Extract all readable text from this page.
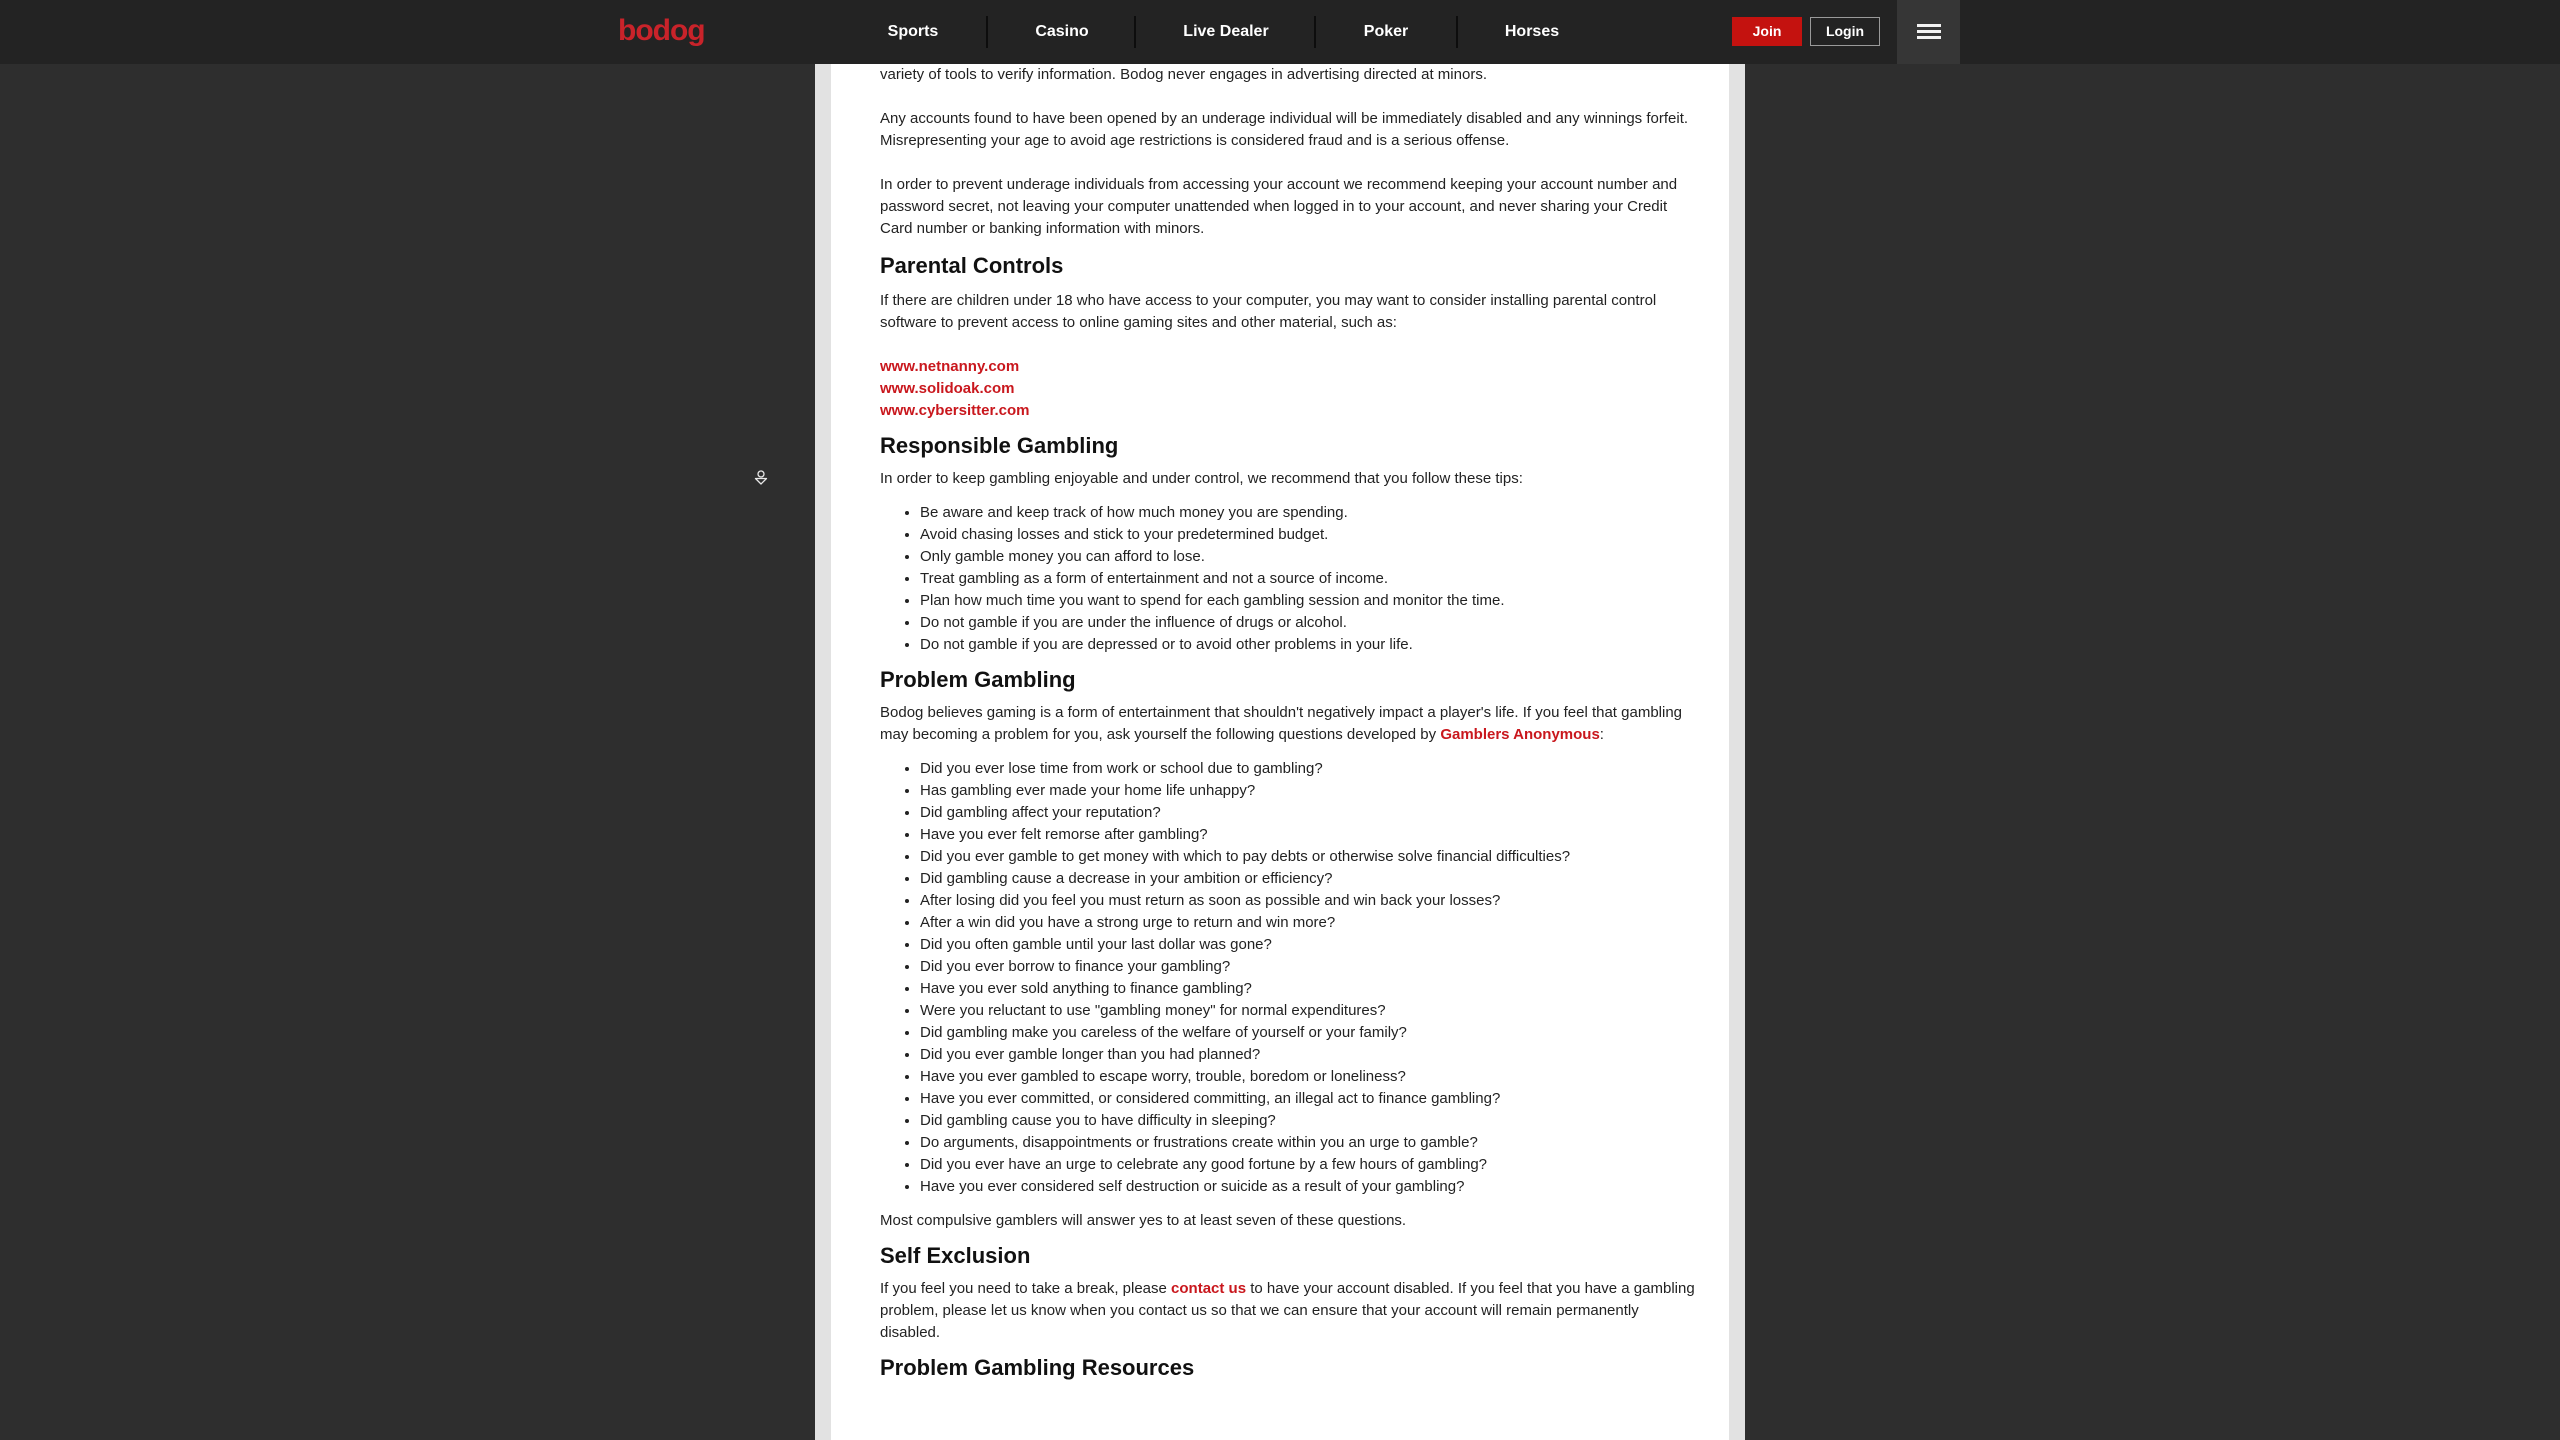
bodog	Sports	Casino	Live Dealer	Poker	Horses	Join	Login

variety of tools to verify information. Bodog never engages in advertising directed at minors.

Any accounts found to have been opened by an underage individual will be immediately disabled and any winnings forfeit. Misrepresenting your age to avoid age restrictions is considered fraud and is a serious offense.

In order to prevent underage individuals from accessing your account we recommend keeping your account number and password secret, not leaving your computer unattended when logged in to your account, and never sharing your Credit Card number or banking information with minors.

Parental Controls

If there are children under 18 who have access to your computer, you may want to consider installing parental control software to prevent access to online gaming sites and other material, such as:

www.netnanny.com
www.solidoak.com
www.cybersitter.com
Responsible Gambling

In order to keep gambling enjoyable and under control, we recommend that you follow these tips:

• Be aware and keep track of how much money you are spending.
• Avoid chasing losses and stick to your predetermined budget.
• Only gamble money you can afford to lose.
• Treat gambling as a form of entertainment and not a source of income.
• Plan how much time you want to spend for each gambling session and monitor the time.
• Do not gamble if you are under the influence of drugs or alcohol.
• Do not gamble if you are depressed or to avoid other problems in your life.
Problem Gambling

Bodog believes gaming is a form of entertainment that shouldn't negatively impact a player's life. If you feel that gambling may becoming a problem for you, ask yourself the following questions developed by Gamblers Anonymous:

• Did you ever lose time from work or school due to gambling?
• Has gambling ever made your home life unhappy?
• Did gambling affect your reputation?
• Have you ever felt remorse after gambling?
• Did you ever gamble to get money with which to pay debts or otherwise solve financial difficulties?
• Did gambling cause a decrease in your ambition or efficiency?
• After losing did you feel you must return as soon as possible and win back your losses?
• After a win did you have a strong urge to return and win more?
• Did you often gamble until your last dollar was gone?
• Did you ever borrow to finance your gambling?
• Have you ever sold anything to finance gambling?
• Were you reluctant to use "gambling money" for normal expenditures?
• Did gambling make you careless of the welfare of yourself or your family?
• Did you ever gamble longer than you had planned?
• Have you ever gambled to escape worry, trouble, boredom or loneliness?
• Have you ever committed, or considered committing, an illegal act to finance gambling?
• Did gambling cause you to have difficulty in sleeping?
• Do arguments, disappointments or frustrations create within you an urge to gamble?
• Did you ever have an urge to celebrate any good fortune by a few hours of gambling?
• Have you ever considered self destruction or suicide as a result of your gambling?

Most compulsive gamblers will answer yes to at least seven of these questions.

Self Exclusion

If you feel you need to take a break, please contact us to have your account disabled. If you feel that you have a gambling problem, please let us know when you contact us so that we can ensure that your account will remain permanently disabled.

Problem Gambling Resources
